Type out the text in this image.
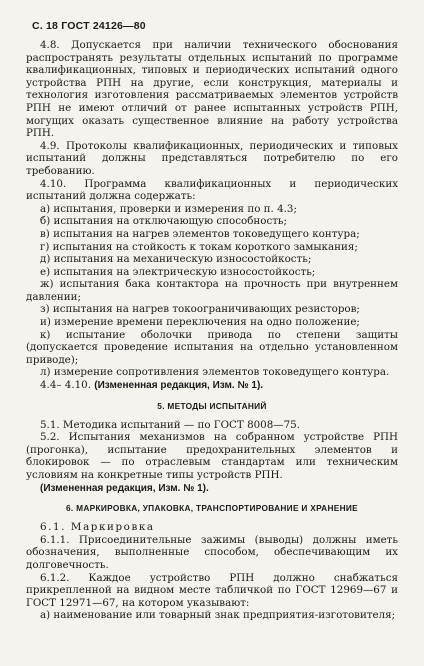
С. 18 ГОСТ 24126—80

4.8. Допускается при наличии технического обоснования распространять результаты отдельных испытаний по программе квалификационных, типовых и периодических испытаний одного устройства РПН на другие, если конструкция, материалы и технология изготовления рассматриваемых элементов устройств РПН не имеют отличий от ранее испытанных устройств РПН, могущих оказать существенное влияние на работу устройства РПН.

4.9. Протоколы квалификационных, периодических и типовых испытаний должны представляться потребителю по его требованию.

4.10. Программа квалификационных и периодических испытаний должна содержать:

а) испытания, проверки и измерения по п. 4.3;

б) испытания на отключающую способность;

в) испытания на нагрев элементов токоведущего контура;

г) испытания на стойкость к токам короткого замыкания;

д) испытания на механическую износостойкость;

е) испытания на электрическую износостойкость;

ж) испытания бака контактора на прочность при внутреннем давлении;

з) испытания на нагрев токоограничивающих резисторов;

и) измерение времени переключения на одно положение;

к) испытание оболочки привода по степени защиты (допускается проведение испытания на отдельно установленном приводе);

л) измерение сопротивления элементов токоведущего контура.

4.4– 4.10. (Измененная редакция, Изм. № 1).

5. МЕТОДЫ ИСПЫТАНИЙ

5.1. Методика испытаний — по ГОСТ 8008—75.

5.2. Испытания механизмов на собранном устройстве РПН (прогонка), испытание предохранительных элементов и блокировок — по отраслевым стандартам или техническим условиям на конкретные типы устройств РПН.

(Измененная редакция, Изм. № 1).

6. МАРКИРОВКА, УПАКОВКА, ТРАНСПОРТИРОВАНИЕ И ХРАНЕНИЕ

6.1. Маркировка

6.1.1. Присоединительные зажимы (выводы) должны иметь обозначения, выполненные способом, обеспечивающим их долговечность.

6.1.2. Каждое устройство РПН должно снабжаться прикрепленной на видном месте табличкой по ГОСТ 12969—67 и ГОСТ 12971—67, на котором указывают:

а) наименование или товарный знак предприятия-изготовителя;
